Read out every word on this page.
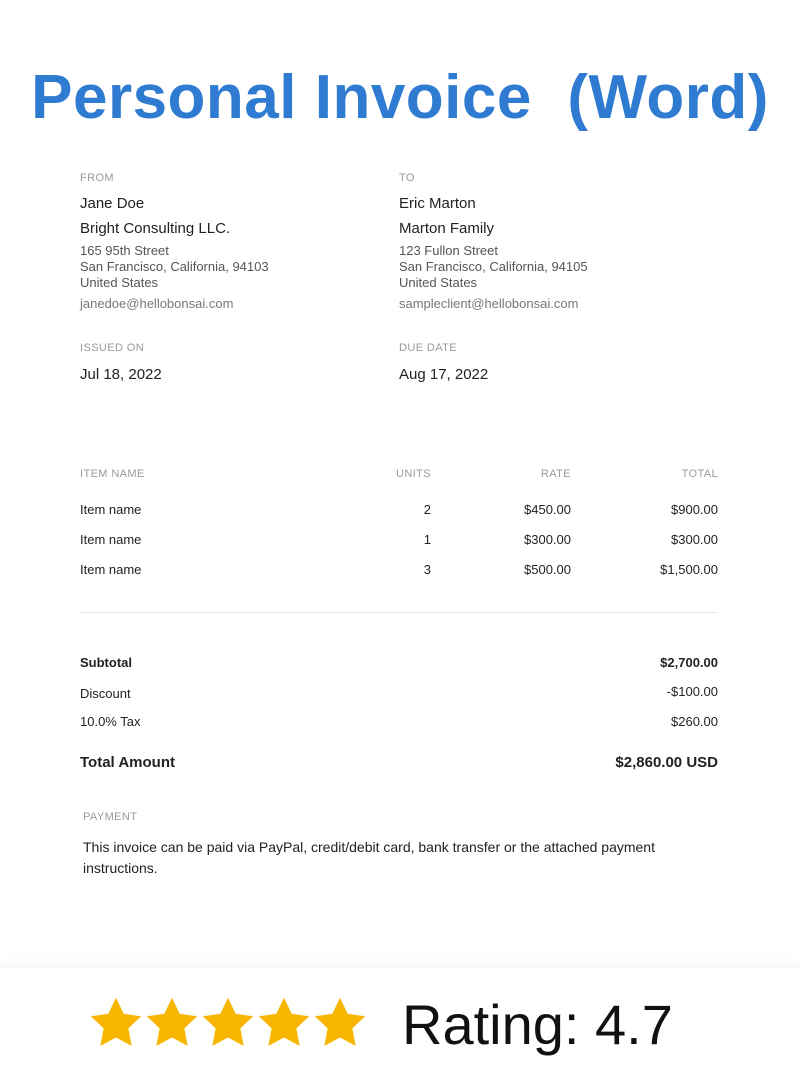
Personal Invoice  (Word)
FROM
Jane Doe
Bright Consulting LLC.
165 95th Street
San Francisco, California, 94103
United States
janedoe@hellobonsai.com
TO
Eric Marton
Marton Family
123 Fullon Street
San Francisco, California, 94105
United States
sampleclient@hellobonsai.com
ISSUED ON
Jul 18, 2022
DUE DATE
Aug 17, 2022
ITEM NAME	UNITS	RATE	TOTAL
Item name	2	$450.00	$900.00
Item name	1	$300.00	$300.00
Item name	3	$500.00	$1,500.00
Subtotal	$2,700.00
Discount	-$100.00
10.0% Tax	$260.00
Total Amount	$2,860.00 USD
PAYMENT
This invoice can be paid via PayPal, credit/debit card, bank transfer or the attached payment instructions.
Rating: 4.7
